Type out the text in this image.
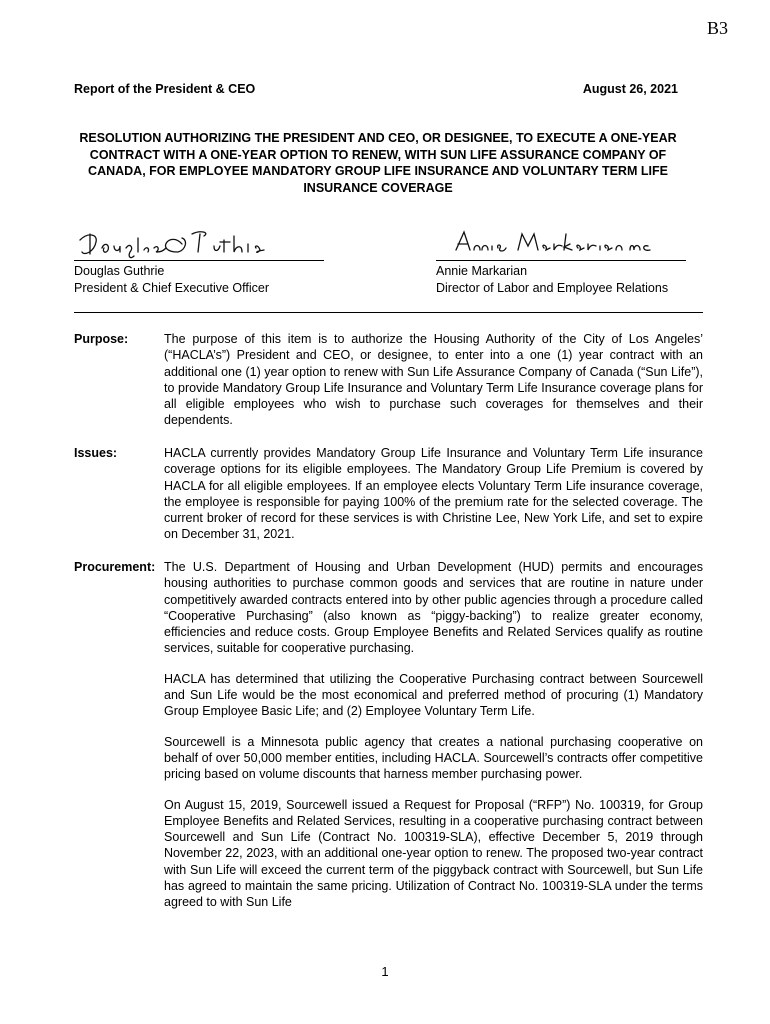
B3
Report of the President & CEO	August 26, 2021
RESOLUTION AUTHORIZING THE PRESIDENT AND CEO, OR DESIGNEE, TO EXECUTE A ONE-YEAR CONTRACT WITH A ONE-YEAR OPTION TO RENEW, WITH SUN LIFE ASSURANCE COMPANY OF CANADA, FOR EMPLOYEE MANDATORY GROUP LIFE INSURANCE AND VOLUNTARY TERM LIFE INSURANCE COVERAGE
Douglas Guthrie
President & Chief Executive Officer
Annie Markarian
Director of Labor and Employee Relations
Purpose:	The purpose of this item is to authorize the Housing Authority of the City of Los Angeles’ (“HACLA’s”) President and CEO, or designee, to enter into a one (1) year contract with an additional one (1) year option to renew with Sun Life Assurance Company of Canada (“Sun Life”), to provide Mandatory Group Life Insurance and Voluntary Term Life Insurance coverage plans for all eligible employees who wish to purchase such coverages for themselves and their dependents.

Issues:	HACLA currently provides Mandatory Group Life Insurance and Voluntary Term Life insurance coverage options for its eligible employees. The Mandatory Group Life Premium is covered by HACLA for all eligible employees. If an employee elects Voluntary Term Life insurance coverage, the employee is responsible for paying 100% of the premium rate for the selected coverage. The current broker of record for these services is with Christine Lee, New York Life, and set to expire on December 31, 2021.

Procurement: The U.S. Department of Housing and Urban Development (HUD) permits and encourages housing authorities to purchase common goods and services that are routine in nature under competitively awarded contracts entered into by other public agencies through a procedure called “Cooperative Purchasing” (also known as “piggy-backing”) to realize greater economy, efficiencies and reduce costs. Group Employee Benefits and Related Services qualify as routine services, suitable for cooperative purchasing.

HACLA has determined that utilizing the Cooperative Purchasing contract between Sourcewell and Sun Life would be the most economical and preferred method of procuring (1) Mandatory Group Employee Basic Life; and (2) Employee Voluntary Term Life.

Sourcewell is a Minnesota public agency that creates a national purchasing cooperative on behalf of over 50,000 member entities, including HACLA. Sourcewell’s contracts offer competitive pricing based on volume discounts that harness member purchasing power.

On August 15, 2019, Sourcewell issued a Request for Proposal (“RFP”) No. 100319, for Group Employee Benefits and Related Services, resulting in a cooperative purchasing contract between Sourcewell and Sun Life (Contract No. 100319-SLA), effective December 5, 2019 through November 22, 2023, with an additional one-year option to renew. The proposed two-year contract with Sun Life will exceed the current term of the piggyback contract with Sourcewell, but Sun Life has agreed to maintain the same pricing. Utilization of Contract No. 100319-SLA under the terms agreed to with Sun Life

1
